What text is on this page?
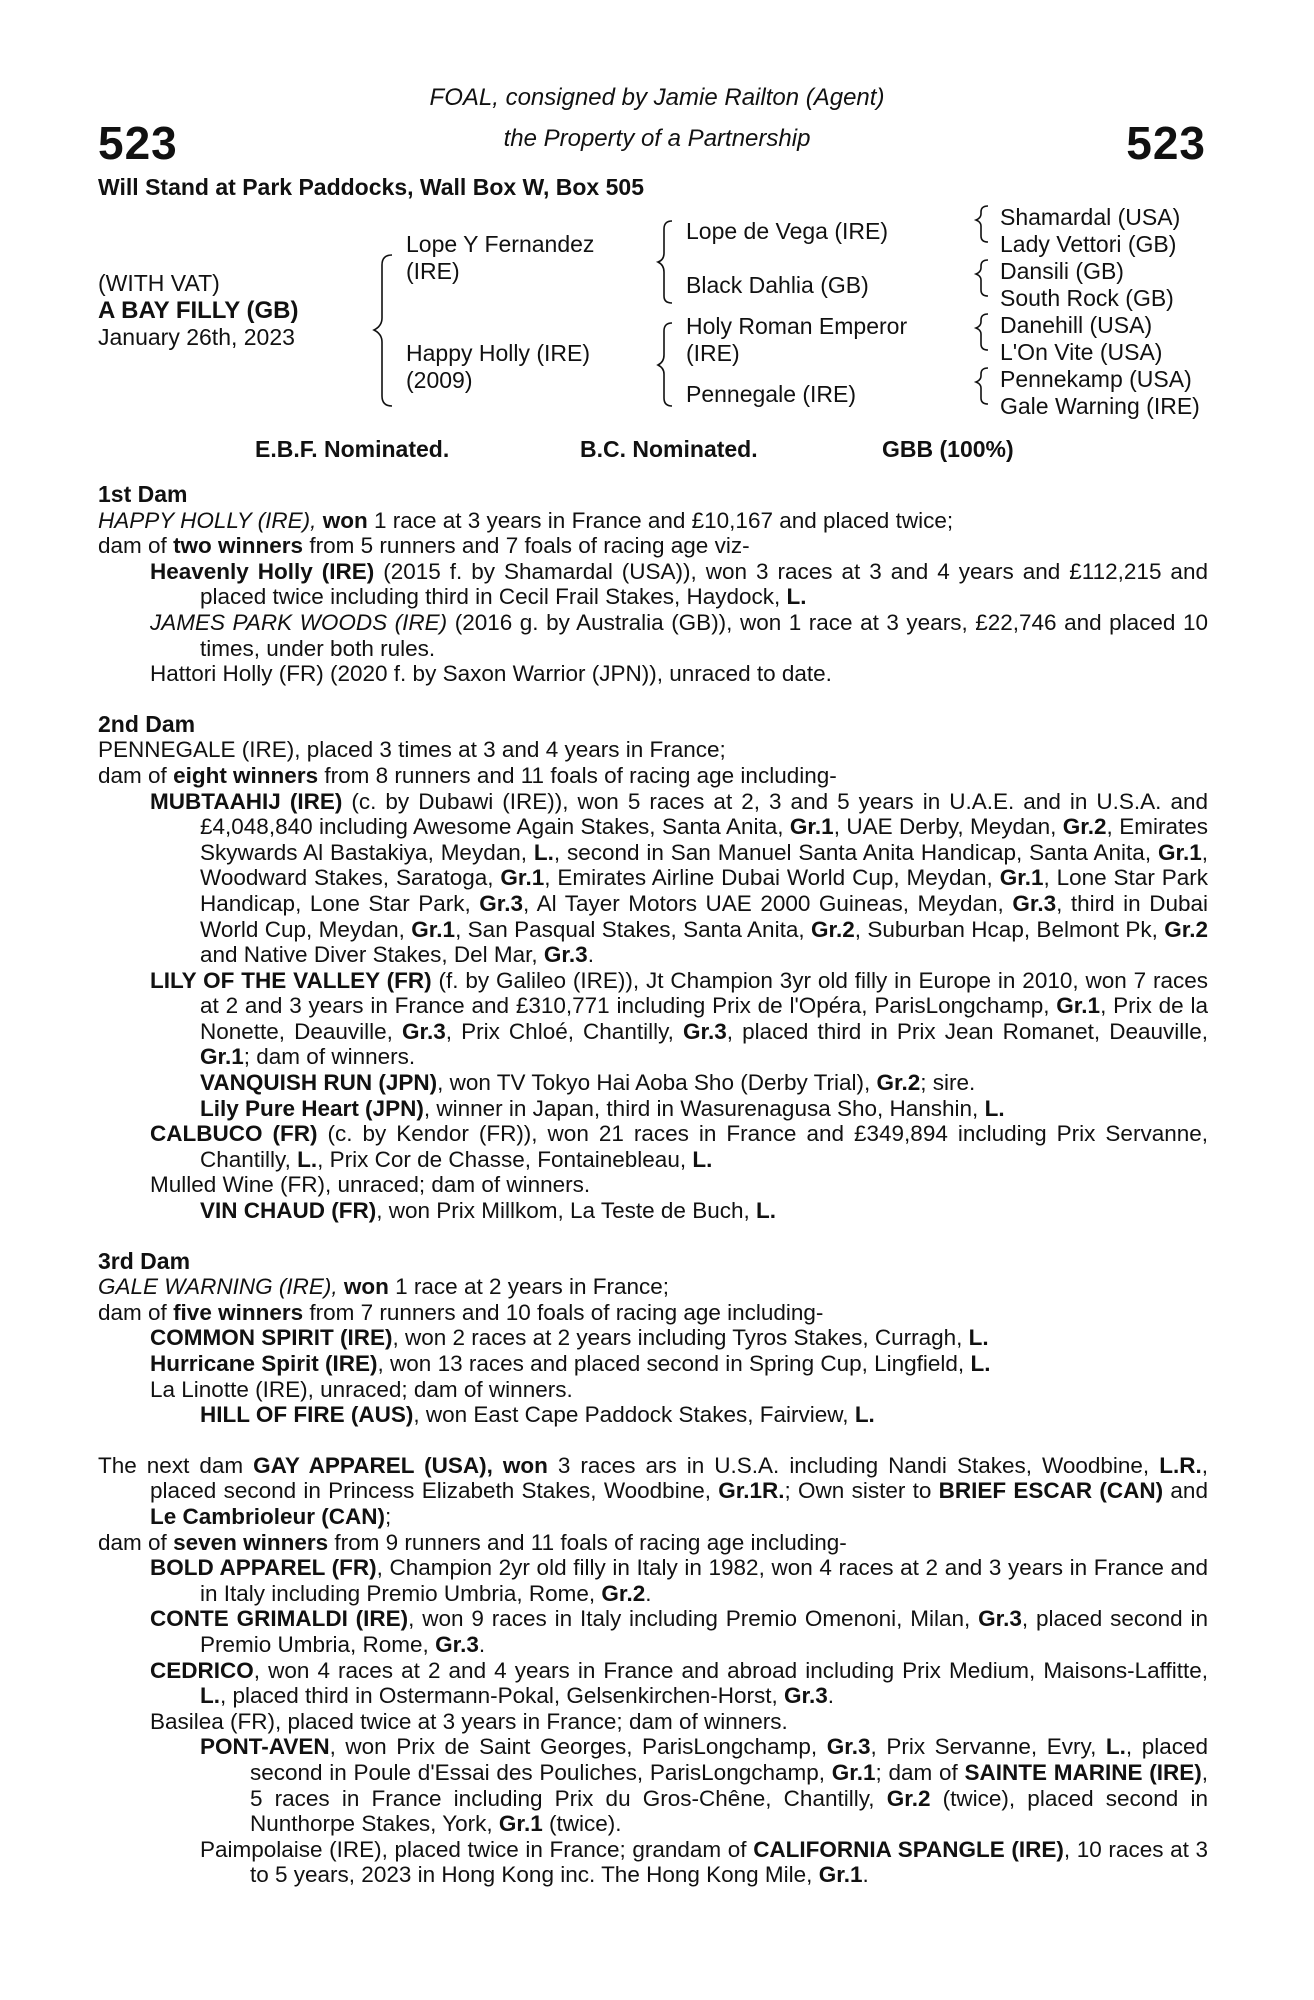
523	523
FOAL, consigned by Jamie Railton (Agent)
the Property of a Partnership
Will Stand at Park Paddocks, Wall Box W, Box 505
(WITH VAT)
A BAY FILLY (GB)
January 26th, 2023
Lope Y Fernandez
(IRE)
Happy Holly (IRE)
(2009)
Lope de Vega (IRE)
Black Dahlia (GB)
Holy Roman Emperor
(IRE)
Pennegale (IRE)
Shamardal (USA)
Lady Vettori (GB)
Dansili (GB)
South Rock (GB)
Danehill (USA)
L'On Vite (USA)
Pennekamp (USA)
Gale Warning (IRE)
E.B.F. Nominated.	B.C. Nominated.	GBB (100%)

1st Dam

HAPPY HOLLY (IRE), won 1 race at 3 years in France and £10,167 and placed twice;

dam of two winners from 5 runners and 7 foals of racing age viz-

Heavenly Holly (IRE) (2015 f. by Shamardal (USA)), won 3 races at 3 and 4 years and £112,215 and placed twice including third in Cecil Frail Stakes, Haydock, L.

JAMES PARK WOODS (IRE) (2016 g. by Australia (GB)), won 1 race at 3 years, £22,746 and placed 10 times, under both rules.

Hattori Holly (FR) (2020 f. by Saxon Warrior (JPN)), unraced to date.

2nd Dam

PENNEGALE (IRE), placed 3 times at 3 and 4 years in France;

dam of eight winners from 8 runners and 11 foals of racing age including-

MUBTAAHIJ (IRE) (c. by Dubawi (IRE)), won 5 races at 2, 3 and 5 years in U.A.E. and in U.S.A. and £4,048,840 including Awesome Again Stakes, Santa Anita, Gr.1, UAE Derby, Meydan, Gr.2, Emirates Skywards Al Bastakiya, Meydan, L., second in San Manuel Santa Anita Handicap, Santa Anita, Gr.1, Woodward Stakes, Saratoga, Gr.1, Emirates Airline Dubai World Cup, Meydan, Gr.1, Lone Star Park Handicap, Lone Star Park, Gr.3, Al Tayer Motors UAE 2000 Guineas, Meydan, Gr.3, third in Dubai World Cup, Meydan, Gr.1, San Pasqual Stakes, Santa Anita, Gr.2, Suburban Hcap, Belmont Pk, Gr.2 and Native Diver Stakes, Del Mar, Gr.3.

LILY OF THE VALLEY (FR) (f. by Galileo (IRE)), Jt Champion 3yr old filly in Europe in 2010, won 7 races at 2 and 3 years in France and £310,771 including Prix de l'Opéra, ParisLongchamp, Gr.1, Prix de la Nonette, Deauville, Gr.3, Prix Chloé, Chantilly, Gr.3, placed third in Prix Jean Romanet, Deauville, Gr.1; dam of winners.

VANQUISH RUN (JPN), won TV Tokyo Hai Aoba Sho (Derby Trial), Gr.2; sire.

Lily Pure Heart (JPN), winner in Japan, third in Wasurenagusa Sho, Hanshin, L.

CALBUCO (FR) (c. by Kendor (FR)), won 21 races in France and £349,894 including Prix Servanne, Chantilly, L., Prix Cor de Chasse, Fontainebleau, L.

Mulled Wine (FR), unraced; dam of winners.

VIN CHAUD (FR), won Prix Millkom, La Teste de Buch, L.

3rd Dam

GALE WARNING (IRE), won 1 race at 2 years in France;

dam of five winners from 7 runners and 10 foals of racing age including-

COMMON SPIRIT (IRE), won 2 races at 2 years including Tyros Stakes, Curragh, L.

Hurricane Spirit (IRE), won 13 races and placed second in Spring Cup, Lingfield, L.

La Linotte (IRE), unraced; dam of winners.

HILL OF FIRE (AUS), won East Cape Paddock Stakes, Fairview, L.

The next dam GAY APPAREL (USA), won 3 races ars in U.S.A. including Nandi Stakes, Woodbine, L.R., placed second in Princess Elizabeth Stakes, Woodbine, Gr.1R.; Own sister to BRIEF ESCAR (CAN) and Le Cambrioleur (CAN);

dam of seven winners from 9 runners and 11 foals of racing age including-

BOLD APPAREL (FR), Champion 2yr old filly in Italy in 1982, won 4 races at 2 and 3 years in France and in Italy including Premio Umbria, Rome, Gr.2.

CONTE GRIMALDI (IRE), won 9 races in Italy including Premio Omenoni, Milan, Gr.3, placed second in Premio Umbria, Rome, Gr.3.

CEDRICO, won 4 races at 2 and 4 years in France and abroad including Prix Medium, Maisons-Laffitte, L., placed third in Ostermann-Pokal, Gelsenkirchen-Horst, Gr.3.

Basilea (FR), placed twice at 3 years in France; dam of winners.

PONT-AVEN, won Prix de Saint Georges, ParisLongchamp, Gr.3, Prix Servanne, Evry, L., placed second in Poule d'Essai des Pouliches, ParisLongchamp, Gr.1; dam of SAINTE MARINE (IRE), 5 races in France including Prix du Gros-Chêne, Chantilly, Gr.2 (twice), placed second in Nunthorpe Stakes, York, Gr.1 (twice).

Paimpolaise (IRE), placed twice in France; grandam of CALIFORNIA SPANGLE (IRE), 10 races at 3 to 5 years, 2023 in Hong Kong inc. The Hong Kong Mile, Gr.1.
